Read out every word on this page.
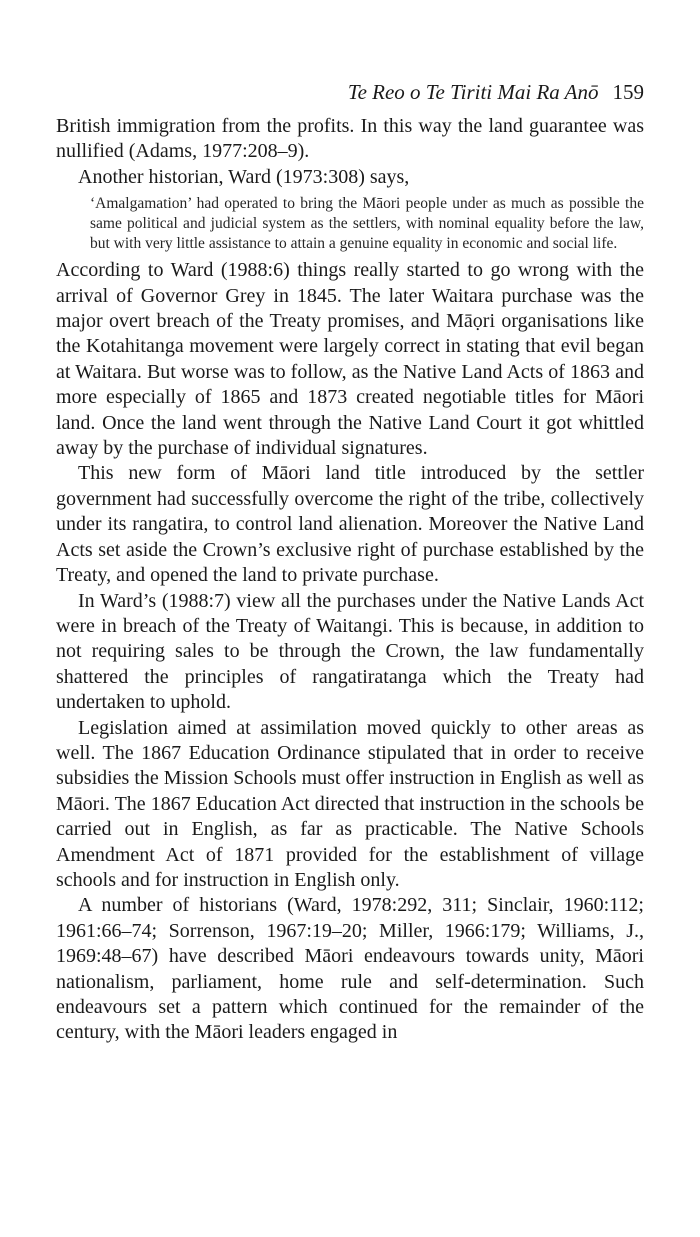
Te Reo o Te Tiriti Mai Ra Anō 159

British immigration from the profits. In this way the land guarantee was nullified (Adams, 1977:208–9).

Another historian, Ward (1973:308) says,

‘Amalgamation’ had operated to bring the Māori people under as much as possible the same political and judicial system as the settlers, with nominal equality before the law, but with very little assistance to attain a genuine equality in economic and social life.

According to Ward (1988:6) things really started to go wrong with the arrival of Governor Grey in 1845. The later Waitara purchase was the major overt breach of the Treaty promises, and Māọri organisations like the Kotahitanga movement were largely correct in stating that evil began at Waitara. But worse was to follow, as the Native Land Acts of 1863 and more especially of 1865 and 1873 created negotiable titles for Māori land. Once the land went through the Native Land Court it got whittled away by the purchase of individual signatures.

This new form of Māori land title introduced by the settler government had successfully overcome the right of the tribe, collectively under its rangatira, to control land alienation. Moreover the Native Land Acts set aside the Crown’s exclusive right of purchase established by the Treaty, and opened the land to private purchase.

In Ward’s (1988:7) view all the purchases under the Native Lands Act were in breach of the Treaty of Waitangi. This is because, in addition to not requiring sales to be through the Crown, the law fundamentally shattered the principles of rangatiratanga which the Treaty had undertaken to uphold.

Legislation aimed at assimilation moved quickly to other areas as well. The 1867 Education Ordinance stipulated that in order to receive subsidies the Mission Schools must offer instruction in English as well as Māori. The 1867 Education Act directed that instruction in the schools be carried out in English, as far as practicable. The Native Schools Amendment Act of 1871 provided for the establishment of village schools and for instruction in English only.

A number of historians (Ward, 1978:292, 311; Sinclair, 1960:112; 1961:66–74; Sorrenson, 1967:19–20; Miller, 1966:179; Williams, J., 1969:48–67) have described Māori endeavours towards unity, Māori nationalism, parliament, home rule and self-determination. Such endeavours set a pattern which continued for the remainder of the century, with the Māori leaders engaged in
